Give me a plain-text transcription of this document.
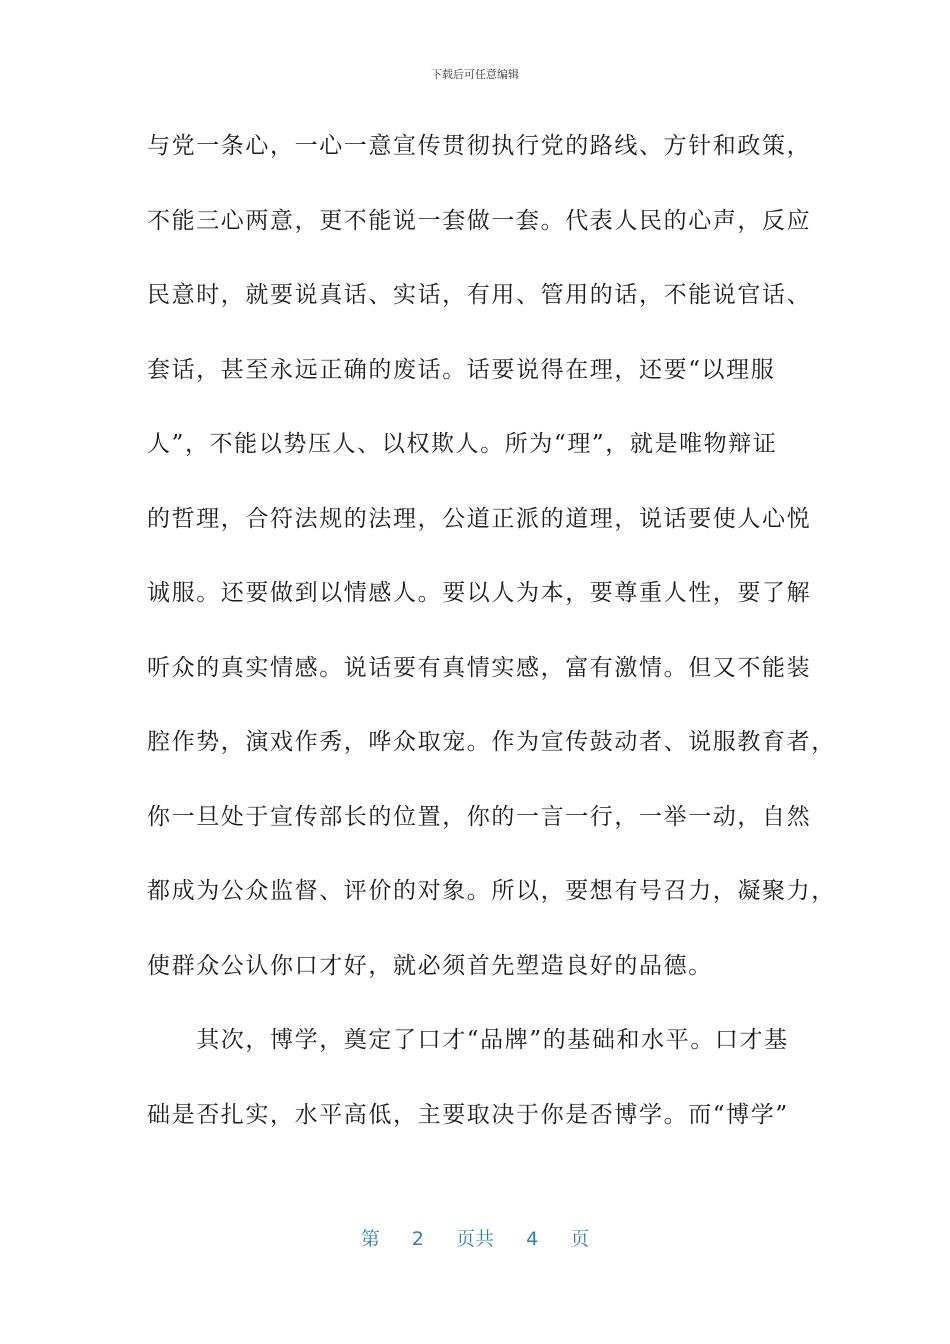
下载后可任意编辑
与党一条心，一心一意宣传贯彻执行党的路线、方针和政策，
不能三心两意，更不能说一套做一套。代表人民的心声，反应
民意时，就要说真话、实话，有用、管用的话，不能说官话、
套话，甚至永远正确的废话。话要说得在理，还要“以理服
人”，不能以势压人、以权欺人。所为“理”，就是唯物辩证
的哲理，合符法规的法理，公道正派的道理，说话要使人心悦
诚服。还要做到以情感人。要以人为本，要尊重人性，要了解
听众的真实情感。说话要有真情实感，富有激情。但又不能装
腔作势，演戏作秀，哗众取宠。作为宣传鼓动者、说服教育者，
你一旦处于宣传部长的位置，你的一言一行，一举一动，自然
都成为公众监督、评价的对象。所以，要想有号召力，凝聚力，
使群众公认你口才好，就必须首先塑造良好的品德。
　　其次，博学，奠定了口才“品牌”的基础和水平。口才基
础是否扎实，水平高低，主要取决于你是否博学。而“博学”
第 2 页共 4 页
